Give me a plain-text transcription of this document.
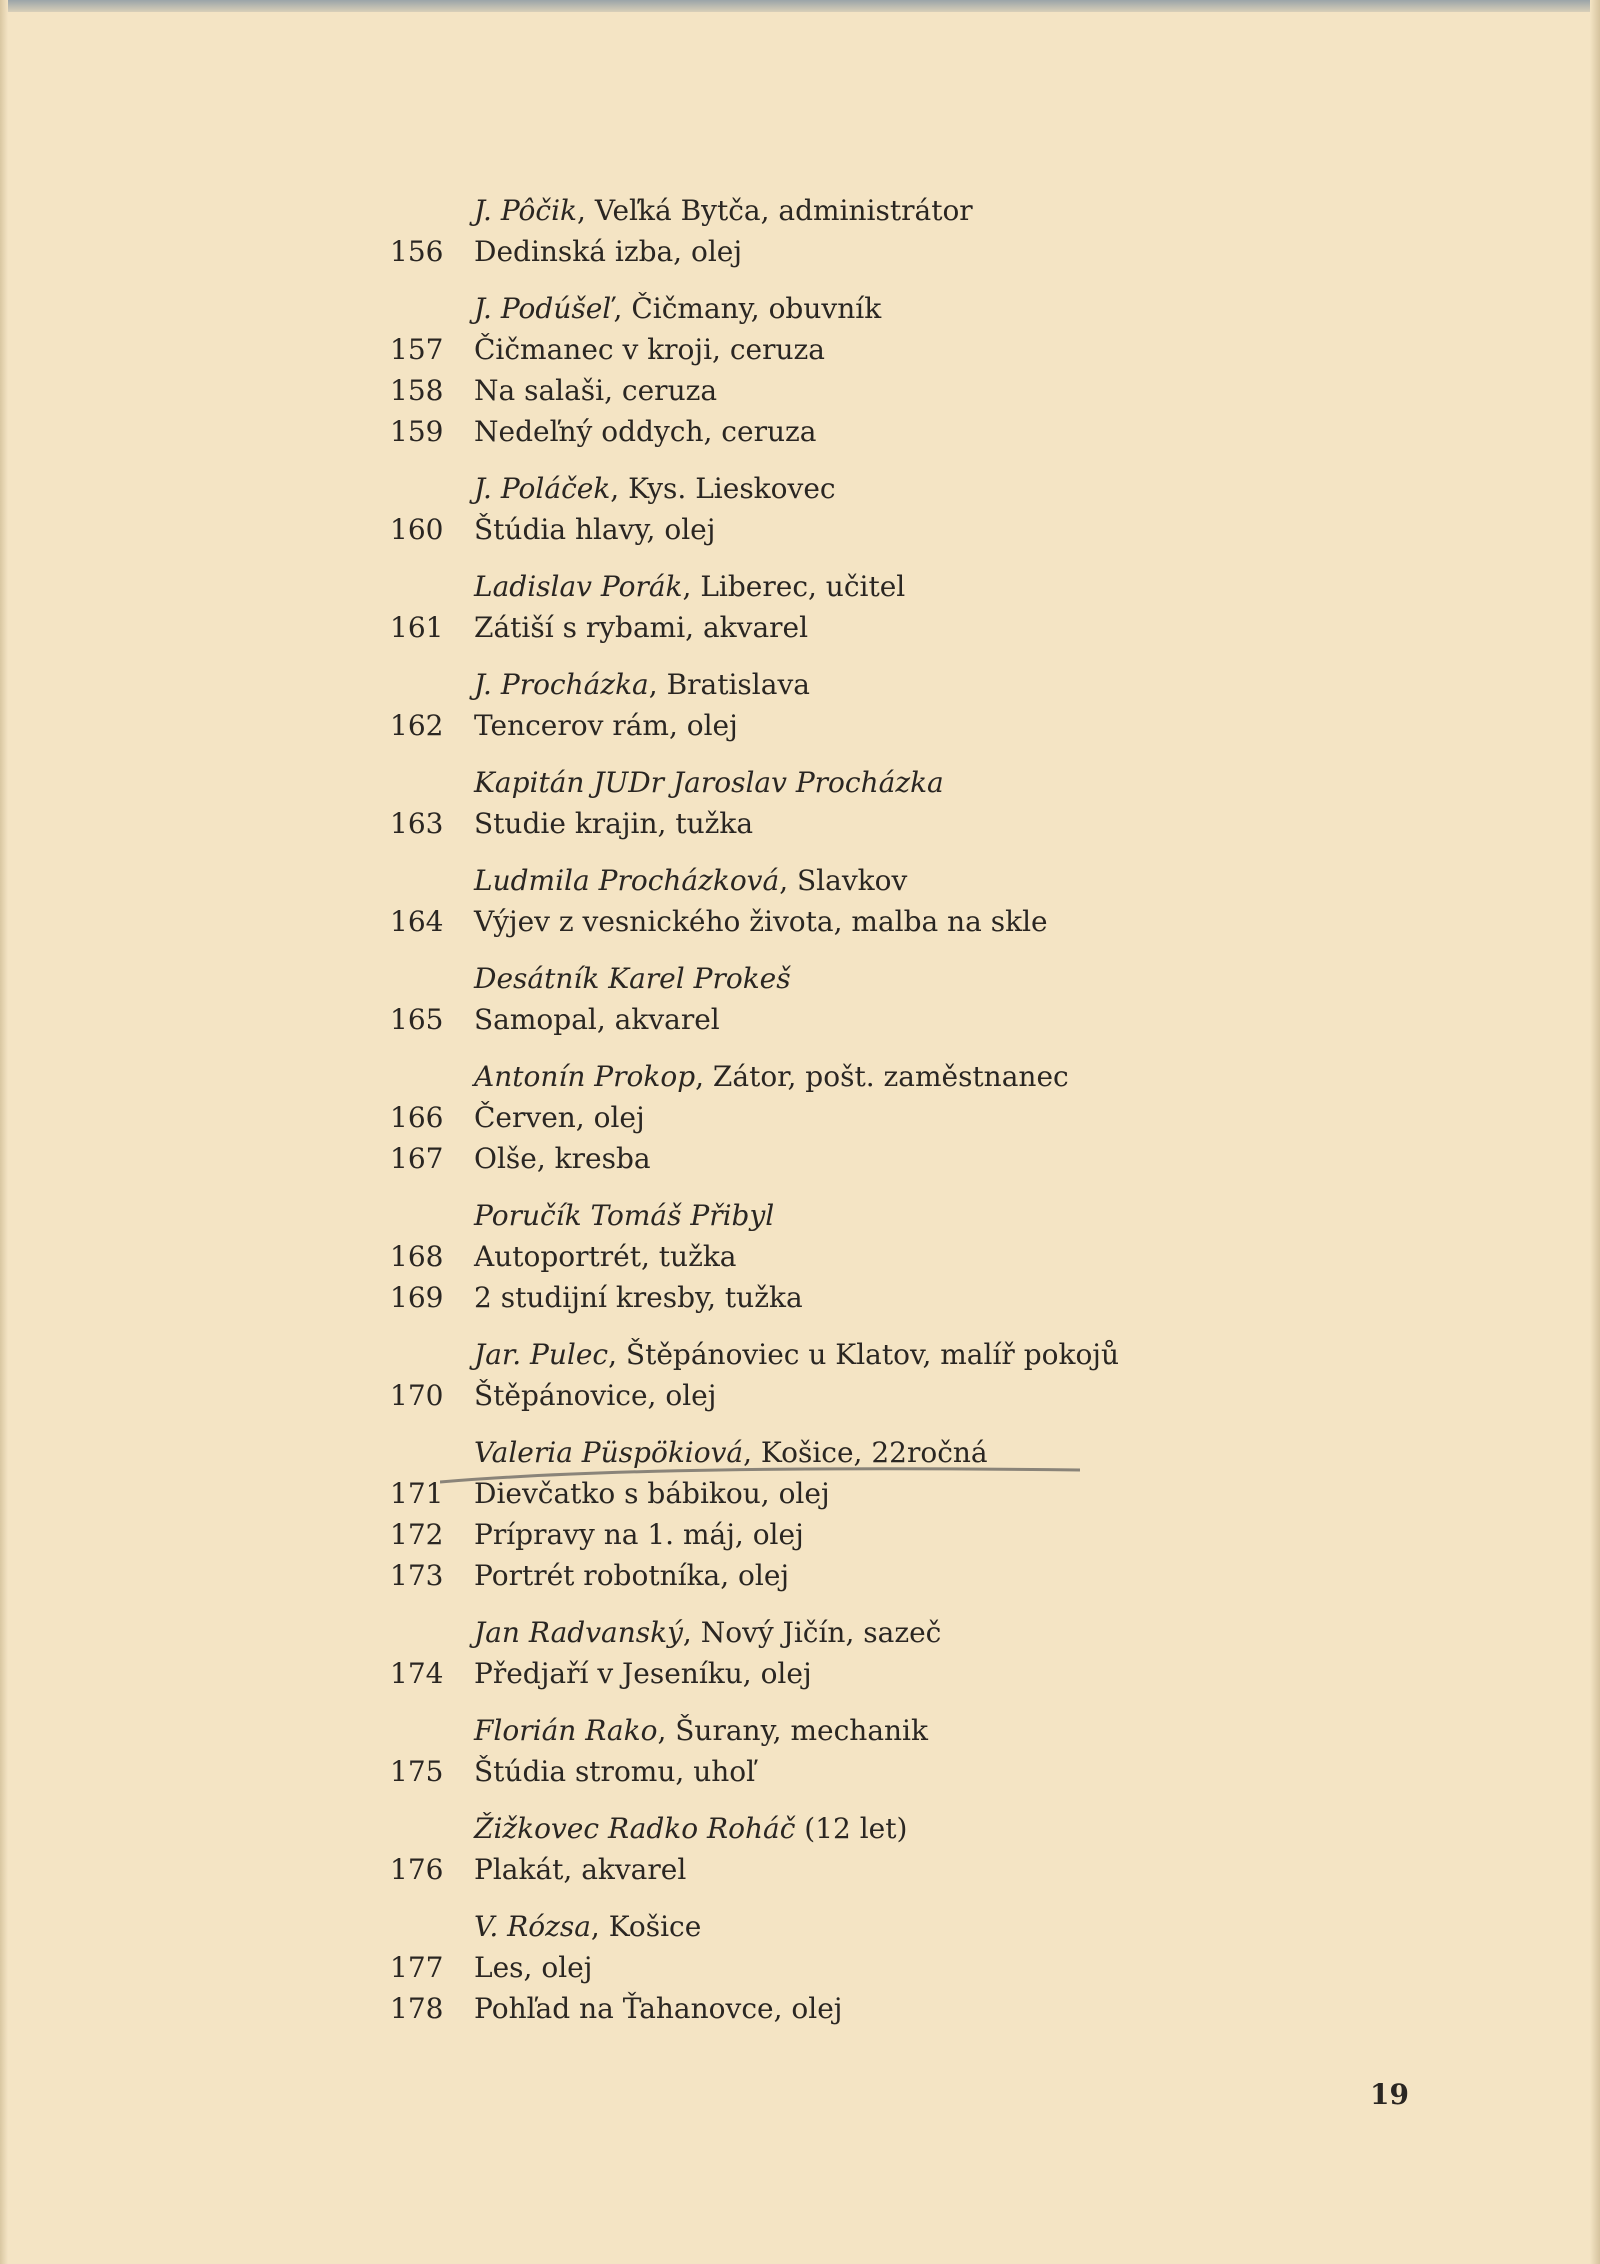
J. Pôčik, Veľká Bytča, administrátor
156	Dedinská izba, olej
J. Podúšeľ, Čičmany, obuvník
157	Čičmanec v kroji, ceruza
158	Na salaši, ceruza
159	Nedeľný oddych, ceruza
J. Poláček, Kys. Lieskovec
160	Štúdia hlavy, olej
Ladislav Porák, Liberec, učitel
161	Zátiší s rybami, akvarel
J. Procházka, Bratislava
162	Tencerov rám, olej
Kapitán JUDr Jaroslav Procházka
163	Studie krajin, tužka
Ludmila Procházková, Slavkov
164	Výjev z vesnického života, malba na skle
Desátník Karel Prokeš
165	Samopal, akvarel
Antonín Prokop, Zátor, pošt. zaměstnanec
166	Červen, olej
167	Olše, kresba
Poručík Tomáš Přibyl
168	Autoportrét, tužka
169	2 studijní kresby, tužka
Jar. Pulec, Štěpánoviec u Klatov, malíř pokojů
170	Štěpánovice, olej
Valeria Püspökiová, Košice, 22ročná
171	Dievčatko s bábikou, olej
172	Prípravy na 1. máj, olej
173	Portrét robotníka, olej
Jan Radvanský, Nový Jičín, sazeč
174	Předjaří v Jeseníku, olej
Florián Rako, Šurany, mechanik
175	Štúdia stromu, uhoľ
Žižkovec Radko Roháč (12 let)
176	Plakát, akvarel
V. Rózsa, Košice
177	Les, olej
178	Pohľad na Ťahanovce, olej
19
